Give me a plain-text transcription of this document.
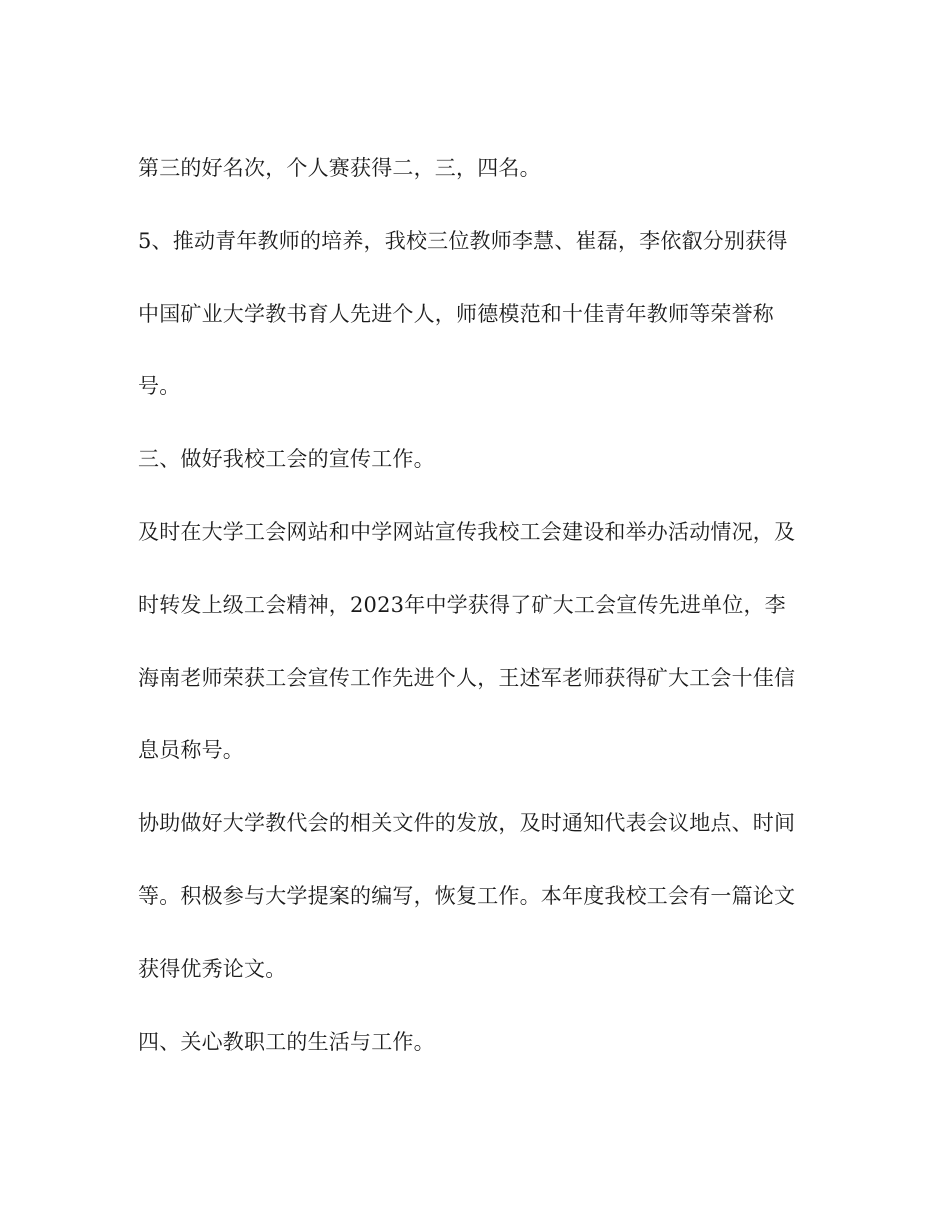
第三的好名次，个人赛获得二，三，四名。
5、推动青年教师的培养，我校三位教师李慧、崔磊，李依叡分别获得
中国矿业大学教书育人先进个人，师德模范和十佳青年教师等荣誉称
号。
三、做好我校工会的宣传工作。
及时在大学工会网站和中学网站宣传我校工会建设和举办活动情况，及
时转发上级工会精神，2023年中学获得了矿大工会宣传先进单位，李
海南老师荣获工会宣传工作先进个人，王述军老师获得矿大工会十佳信
息员称号。
协助做好大学教代会的相关文件的发放，及时通知代表会议地点、时间
等。积极参与大学提案的编写，恢复工作。本年度我校工会有一篇论文
获得优秀论文。
四、关心教职工的生活与工作。
